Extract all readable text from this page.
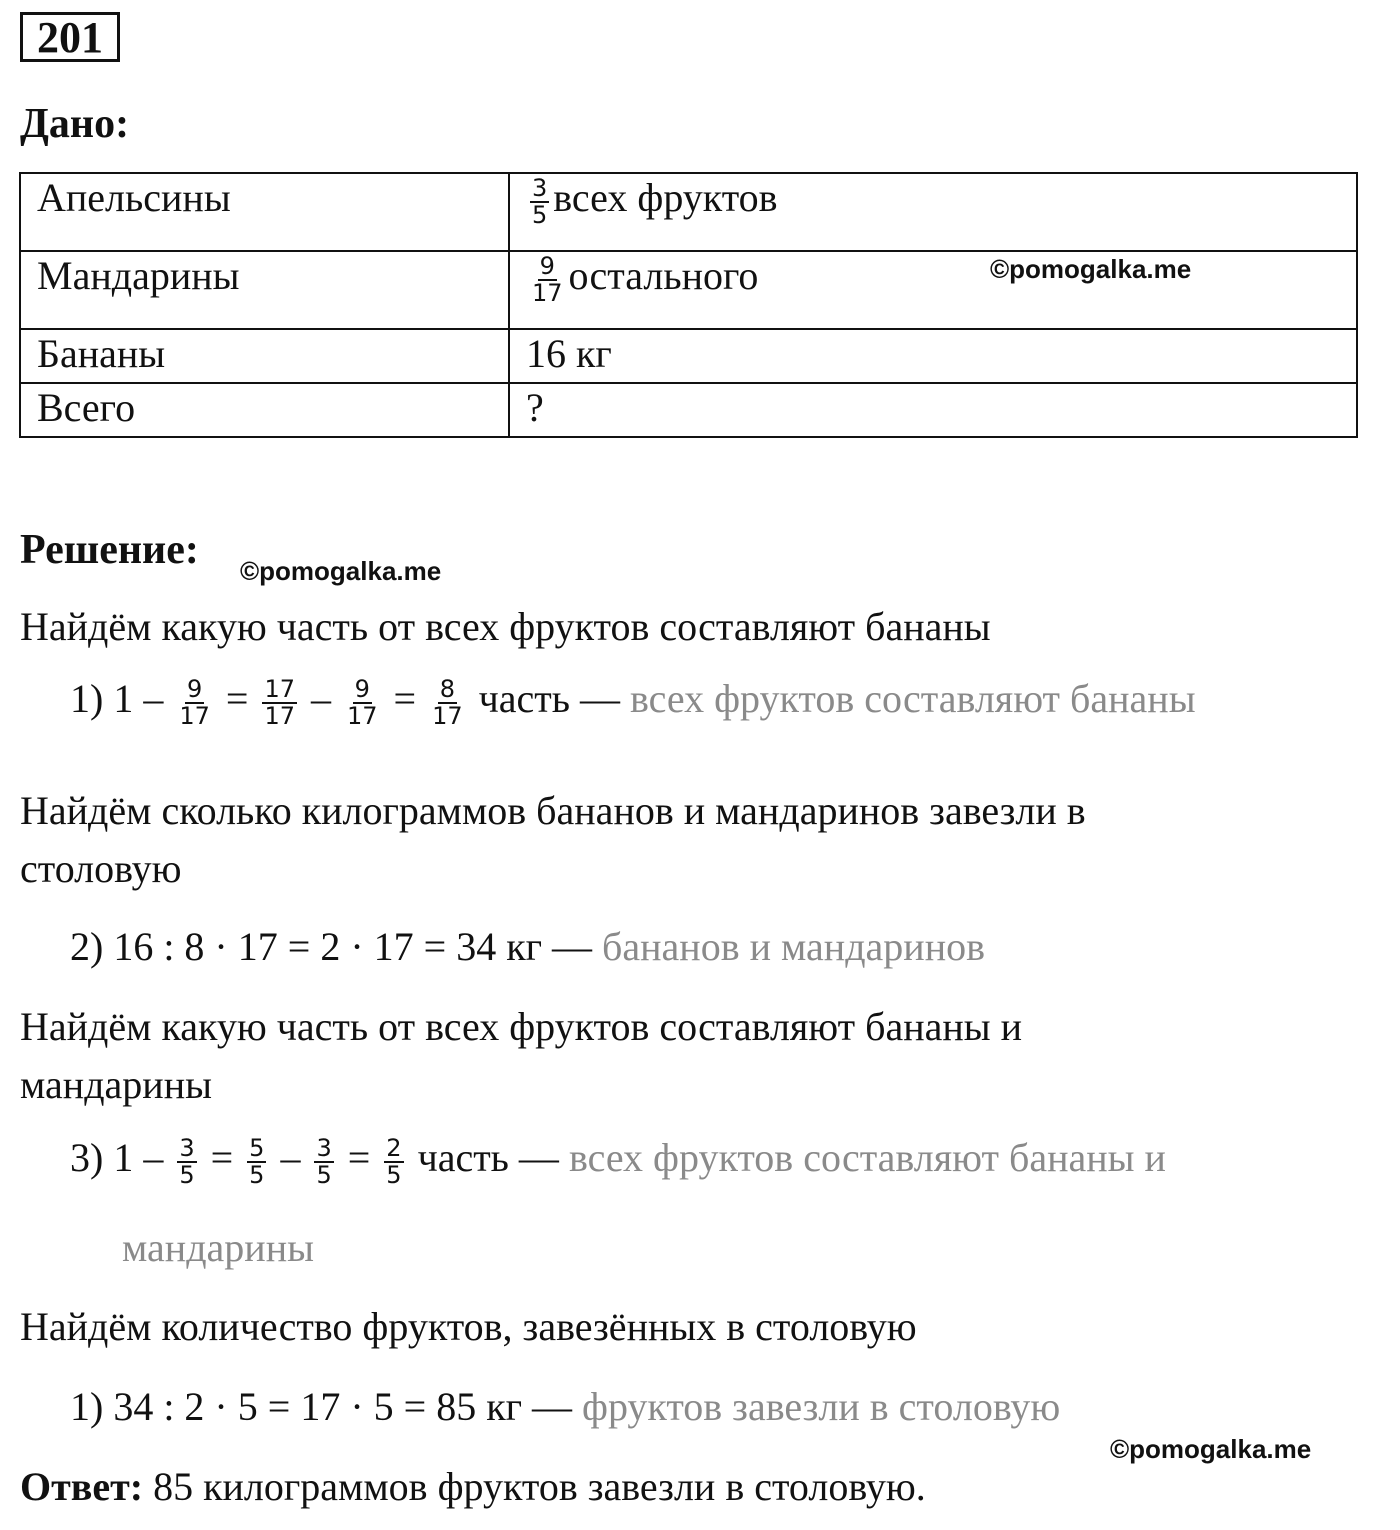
201
Дано:
Апельсины	$\frac{3}{5}$ всех фруктов
Мандарины	$\frac{9}{17}$ остального
Бананы	16 кг
Всего	?
©pomogalka.me
Решение: ©pomogalka.me
Найдём какую часть от всех фруктов составляют бананы
1) $1 - \frac{9}{17} = \frac{17}{17} - \frac{9}{17} = \frac{8}{17}$ часть — всех фруктов составляют бананы
Найдём сколько килограммов бананов и мандаринов завезли в
столовую
2) 16 : 8 · 17 = 2 · 17 = 34 кг — бананов и мандаринов
Найдём какую часть от всех фруктов составляют бананы и
мандарины
3) $1 - \frac{3}{5} = \frac{5}{5} - \frac{3}{5} = \frac{2}{5}$ часть — всех фруктов составляют бананы и
мандарины
Найдём количество фруктов, завезённых в столовую
1) 34 : 2 · 5 = 17 · 5 = 85 кг — фруктов завезли в столовую
©pomogalka.me
Ответ: 85 килограммов фруктов завезли в столовую.
